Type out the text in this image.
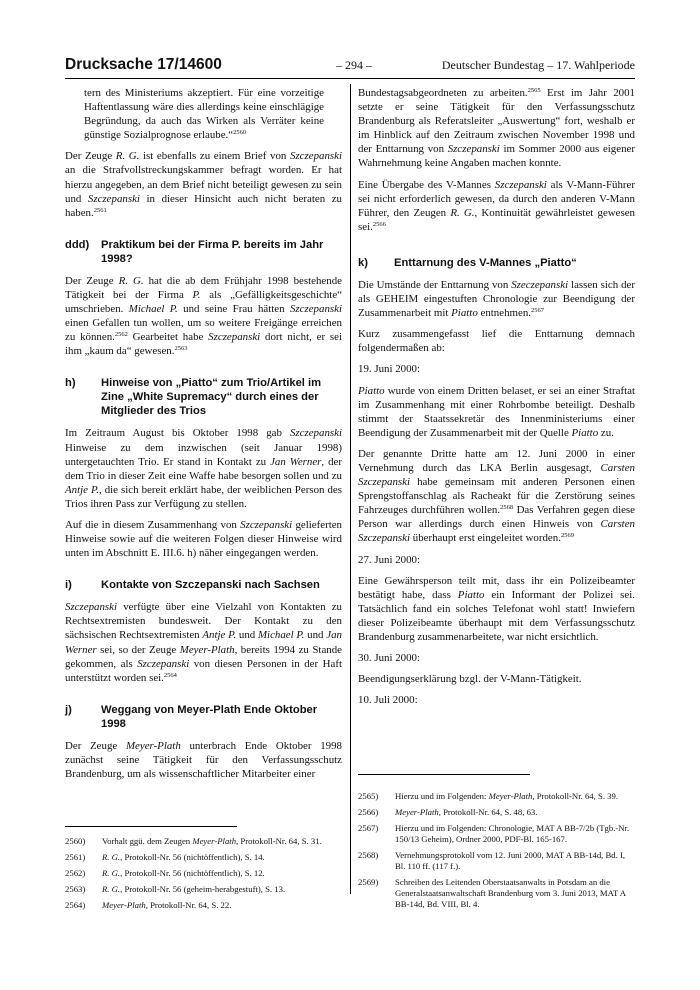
Drucksache 17/14600	– 294 –	Deutscher Bundestag – 17. Wahlperiode

tern des Ministeriums akzeptiert. Für eine vorzeitige Haftentlassung wäre dies allerdings keine einschlägige Begründung, da auch das Wirken als Verräter keine günstige Sozialprognose erlaube.“$^{2560}$

Der Zeuge R. G. ist ebenfalls zu einem Brief von Szczepanski an die Strafvollstreckungskammer befragt worden. Er hat hierzu angegeben, an dem Brief nicht beteiligt gewesen zu sein und Szczepanski in dieser Hinsicht auch nicht beraten zu haben.$^{2561}$

ddd)	Praktikum bei der Firma P. bereits im Jahr 1998?

Der Zeuge R. G. hat die ab dem Frühjahr 1998 bestehende Tätigkeit bei der Firma P. als „Gefälligkeitsgeschichte“ umschrieben. Michael P. und seine Frau hätten Szczepanski einen Gefallen tun wollen, um so weitere Freigänge erreichen zu können.$^{2562}$ Gearbeitet habe Szczepanski dort nicht, er sei ihm „kaum da“ gewesen.$^{2563}$

h)	Hinweise von „Piatto“ zum Trio/Artikel im Zine „White Supremacy“ durch eines der Mitglieder des Trios

Im Zeitraum August bis Oktober 1998 gab Szczepanski Hinweise zu dem inzwischen (seit Januar 1998) untergetauchten Trio. Er stand in Kontakt zu Jan Werner, der dem Trio in dieser Zeit eine Waffe habe besorgen sollen und zu Antje P., die sich bereit erklärt habe, der weiblichen Person des Trios ihren Pass zur Verfügung zu stellen.

Auf die in diesem Zusammenhang von Szczepanski gelieferten Hinweise sowie auf die weiteren Folgen dieser Hinweise wird unten im Abschnitt E. III.6. h) näher eingegangen werden.

i)	Kontakte von Szczepanski nach Sachsen

Szczepanski verfügte über eine Vielzahl von Kontakten zu Rechtsextremisten bundesweit. Der Kontakt zu den sächsischen Rechtsextremisten Antje P. und Michael P. und Jan Werner sei, so der Zeuge Meyer-Plath, bereits 1994 zu Stande gekommen, als Szczepanski von diesen Personen in der Haft unterstützt worden sei.$^{2564}$

j)	Weggang von Meyer-Plath Ende Oktober 1998

Der Zeuge Meyer-Plath unterbrach Ende Oktober 1998 zunächst seine Tätigkeit für den Verfassungsschutz Brandenburg, um als wissenschaftlicher Mitarbeiter einer

2560)	Vorhalt ggü. dem Zeugen Meyer-Plath, Protokoll-Nr. 64, S. 31.
2561)	R. G., Protokoll-Nr. 56 (nichtöffentlich), S. 14.
2562)	R. G., Protokoll-Nr. 56 (nichtöffentlich), S. 12.
2563)	R. G., Protokoll-Nr. 56 (geheim-herabgestuft), S. 13.
2564)	Meyer-Plath, Protokoll-Nr. 64, S. 22.

Bundestagsabgeordneten zu arbeiten.$^{2565}$ Erst im Jahr 2001 setzte er seine Tätigkeit für den Verfassungsschutz Brandenburg als Referatsleiter „Auswertung“ fort, weshalb er im Hinblick auf den Zeitraum zwischen November 1998 und der Enttarnung von Szczepanski im Sommer 2000 aus eigener Wahrnehmung keine Angaben machen konnte.

Eine Übergabe des V-Mannes Szczepanski als V-Mann-Führer sei nicht erforderlich gewesen, da durch den anderen V-Mann Führer, den Zeugen R. G., Kontinuität gewährleistet gewesen sei.$^{2566}$

k)	Enttarnung des V-Mannes „Piatto“

Die Umstände der Enttarnung von Szeczepanski lassen sich der als GEHEIM eingestuften Chronologie zur Beendigung der Zusammenarbeit mit Piatto entnehmen.$^{2567}$

Kurz zusammengefasst lief die Enttarnung demnach folgendermaßen ab:

19. Juni 2000:

Piatto wurde von einem Dritten belaset, er sei an einer Straftat im Zusammenhang mit einer Rohrbombe beteiligt. Deshalb stimmt der Staatssekretär des Innenministeriums einer Beendigung der Zusammenarbeit mit der Quelle Piatto zu.

Der genannte Dritte hatte am 12. Juni 2000 in einer Vernehmung durch das LKA Berlin ausgesagt, Carsten Szczepanski habe gemeinsam mit anderen Personen einen Sprengstoffanschlag als Racheakt für die Zerstörung seines Fahrzeuges durchführen wollen.$^{2568}$ Das Verfahren gegen diese Person war allerdings durch einen Hinweis von Carsten Szczepanski überhaupt erst eingeleitet worden.$^{2569}$

27. Juni 2000:

Eine Gewährsperson teilt mit, dass ihr ein Polizeibeamter bestätigt habe, dass Piatto ein Informant der Polizei sei. Tatsächlich fand ein solches Telefonat wohl statt! Inwiefern dieser Polizeibeamte überhaupt mit dem Verfassungsschutz Brandenburg zusammenarbeitete, war nicht ersichtlich.

30. Juni 2000:

Beendigungserklärung bzgl. der V-Mann-Tätigkeit.

10. Juli 2000:

2565)	Hierzu und im Folgenden: Meyer-Plath, Protokoll-Nr. 64, S. 39.
2566)	Meyer-Plath, Protokoll-Nr. 64, S. 48, 63.
2567)	Hierzu und im Folgenden: Chronologie, MAT A BB-7/2b (Tgb.-Nr. 150/13 Geheim), Ordner 2000, PDF-Bl. 165-167.
2568)	Vernehmungsprotokoll vom 12. Juni 2000, MAT A BB-14d, Bd. I, Bl. 110 ff. (117 f.).
2569)	Schreiben des Leitenden Oberstaatsanwalts in Potsdam an die Generalstaatsanwaltschaft Brandenburg vom 3. Juni 2013, MAT A BB-14d, Bd. VIII, Bl. 4.
